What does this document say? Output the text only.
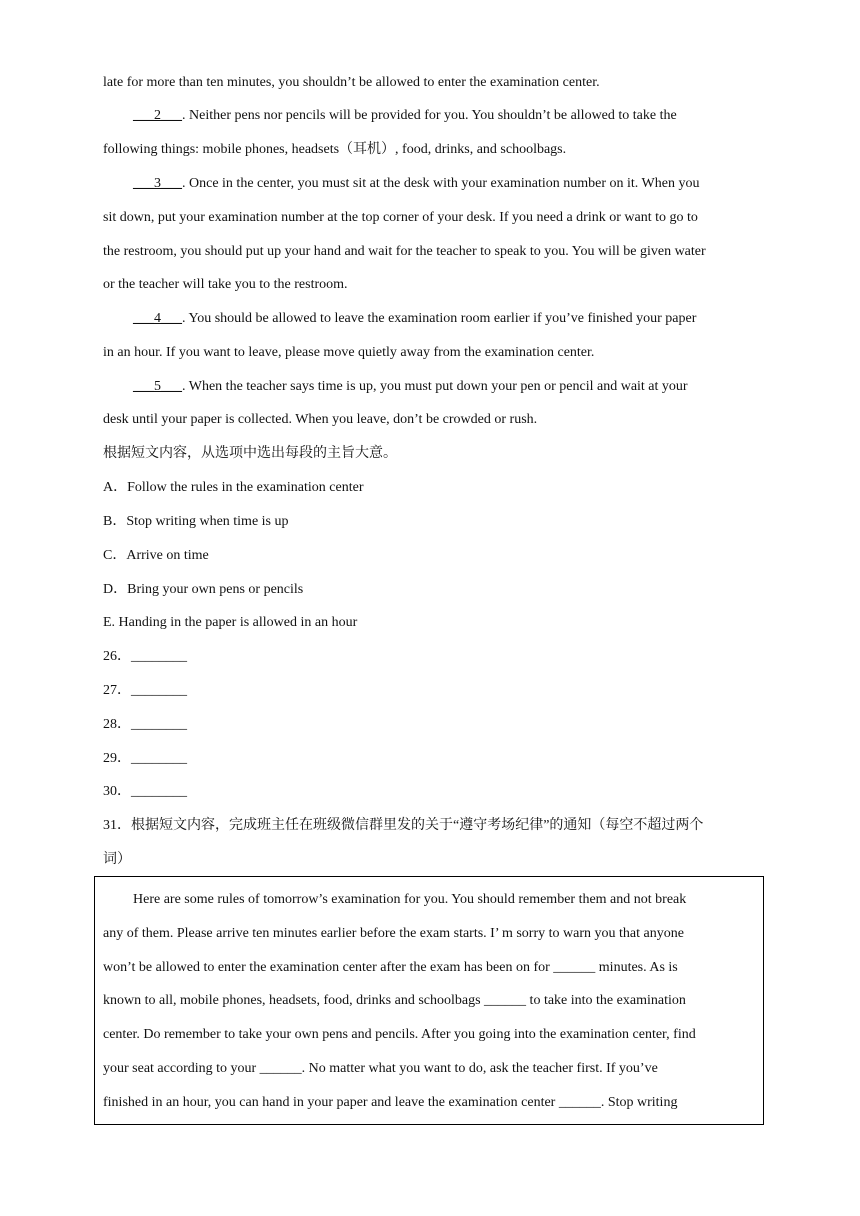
late for more than ten minutes, you shouldn’t be allowed to enter the examination center.
___2___. Neither pens nor pencils will be provided for you. You shouldn’t be allowed to take the
following things: mobile phones, headsets（耳机）, food, drinks, and schoolbags.
___3___. Once in the center, you must sit at the desk with your examination number on it. When you
sit down, put your examination number at the top corner of your desk. If you need a drink or want to go to
the restroom, you should put up your hand and wait for the teacher to speak to you. You will be given water
or the teacher will take you to the restroom.
___4___. You should be allowed to leave the examination room earlier if you’ve finished your paper
in an hour. If you want to leave, please move quietly away from the examination center.
___5___. When the teacher says time is up, you must put down your pen or pencil and wait at your
desk until your paper is collected. When you leave, don’t be crowded or rush.
根据短文内容，从选项中选出每段的主旨大意。
A．Follow the rules in the examination center
B．Stop writing when time is up
C．Arrive on time
D．Bring your own pens or pencils
E. Handing in the paper is allowed in an hour
26．________
27．________
28．________
29．________
30．________
31．根据短文内容，完成班主任在班级微信群里发的关于“遵守考场纪律”的通知（每空不超过两个
词）
Here are some rules of tomorrow’s examination for you. You should remember them and not break
any of them. Please arrive ten minutes earlier before the exam starts. I’ m sorry to warn you that anyone
won’t be allowed to enter the examination center after the exam has been on for ______ minutes. As is
known to all, mobile phones, headsets, food, drinks and schoolbags ______ to take into the examination
center. Do remember to take your own pens and pencils. After you going into the examination center, find
your seat according to your ______. No matter what you want to do, ask the teacher first. If you’ve
finished in an hour, you can hand in your paper and leave the examination center ______. Stop writing
